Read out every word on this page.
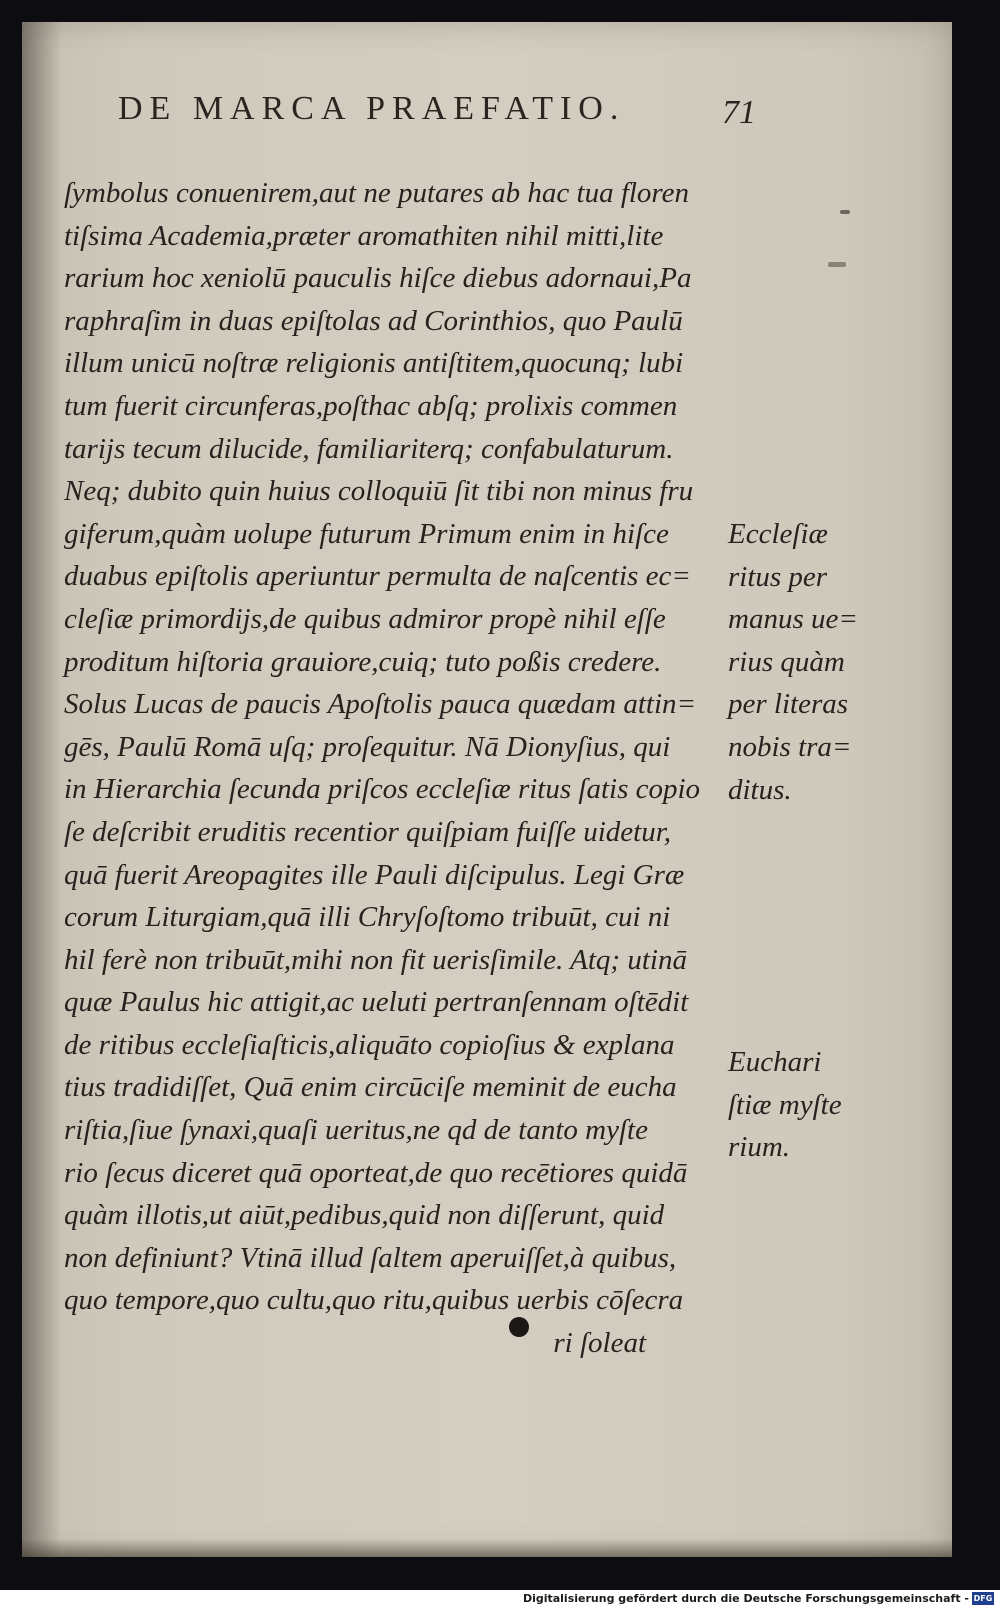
DE MARCA PRAEFATIO.	71
ſymbolus conuenirem,aut ne putares ab hac tua floren
tiſsima Academia,præter aromathiten nihil mitti,lite
rarium hoc xeniolū pauculis hiſce diebus adornaui,Pa
raphraſim in duas epiſtolas ad Corinthios, quo Paulū
illum unicū noſtræ religionis antiſtitem,quocunq; lubi
tum fuerit circunferas,poſthac abſq; prolixis commen
tarijs tecum dilucide, familiariterq; confabulaturum.
Neq; dubito quin huius colloquiū ſit tibi non minus fru
giferum,quàm uolupe futurum Primum enim in hiſce
duabus epiſtolis aperiuntur permulta de naſcentis ec=
cleſiæ primordijs,de quibus admiror propè nihil eſſe
proditum hiſtoria grauiore,cuiq; tuto poßis credere.
Solus Lucas de paucis Apoſtolis pauca quædam attin=
gēs, Paulū Romā uſq; proſequitur. Nā Dionyſius, qui
in Hierarchia ſecunda priſcos eccleſiæ ritus ſatis copio
ſe deſcribit eruditis recentior quiſpiam fuiſſe uidetur,
quā fuerit Areopagites ille Pauli diſcipulus. Legi Græ
corum Liturgiam,quā illi Chryſoſtomo tribuūt, cui ni
hil ferè non tribuūt,mihi non fit uerisſimile. Atq; utinā
quæ Paulus hic attigit,ac ueluti pertranſennam oſtēdit
de ritibus eccleſiaſticis,aliquāto copioſius & explana
tius tradidiſſet, Quā enim circūciſe meminit de eucha
riſtia,ſiue ſynaxi,quaſi ueritus,ne qd de tanto myſte
rio ſecus diceret quā oporteat,de quo recētiores quidā
quàm illotis,ut aiūt,pedibus,quid non diſſerunt, quid
non definiunt? Vtinā illud ſaltem aperuiſſet,à quibus,
quo tempore,quo cultu,quo ritu,quibus uerbis cōſecra
ri ſoleat
Eccleſiæ
ritus per
manus ue=
rius quàm
per literas
nobis tra=
ditus.
Euchari
ſtiæ myſte
rium.
Digitalisierung gefördert durch die Deutsche Forschungsgemeinschaft - DFG
